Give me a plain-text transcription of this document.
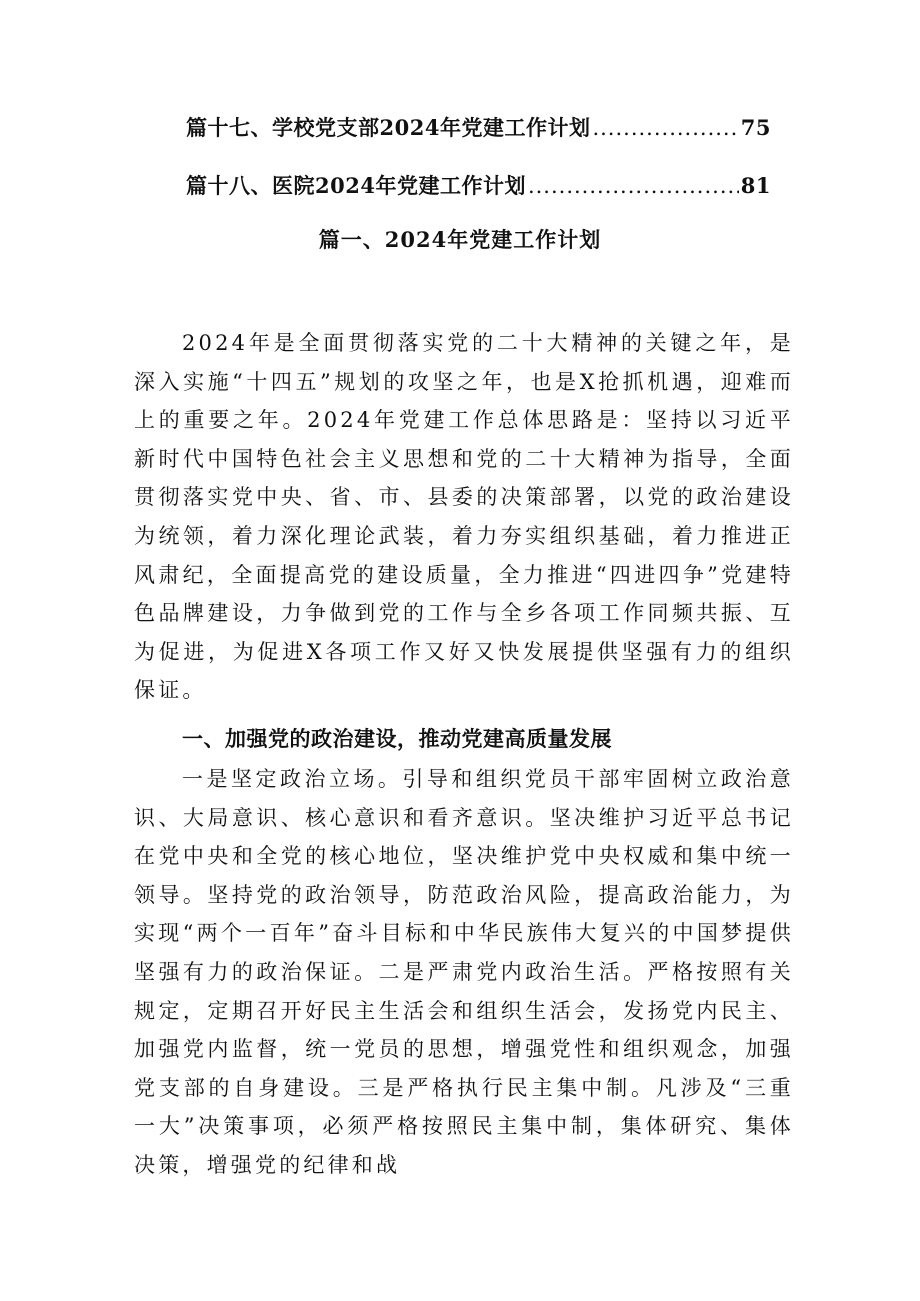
篇十七、学校党支部2024年党建工作计划 .....	75
篇十八、医院2024年党建工作计划 .....	81
篇一、2024年党建工作计划

2024年是全面贯彻落实党的二十大精神的关键之年，是深入实施“十四五”规划的攻坚之年，也是X抢抓机遇，迎难而上的重要之年。2024年党建工作总体思路是：坚持以习近平新时代中国特色社会主义思想和党的二十大精神为指导，全面贯彻落实党中央、省、市、县委的决策部署，以党的政治建设为统领，着力深化理论武装，着力夯实组织基础，着力推进正风肃纪，全面提高党的建设质量，全力推进“四进四争”党建特色品牌建设，力争做到党的工作与全乡各项工作同频共振、互为促进，为促进X各项工作又好又快发展提供坚强有力的组织保证。

一、加强党的政治建设，推动党建高质量发展

一是坚定政治立场。引导和组织党员干部牢固树立政治意识、大局意识、核心意识和看齐意识。坚决维护习近平总书记在党中央和全党的核心地位，坚决维护党中央权威和集中统一领导。坚持党的政治领导，防范政治风险，提高政治能力，为实现“两个一百年”奋斗目标和中华民族伟大复兴的中国梦提供坚强有力的政治保证。二是严肃党内政治生活。严格按照有关规定，定期召开好民主生活会和组织生活会，发扬党内民主、加强党内监督，统一党员的思想，增强党性和组织观念，加强党支部的自身建设。三是严格执行民主集中制。凡涉及“三重一大”决策事项，必须严格按照民主集中制，集体研究、集体决策，增强党的纪律和战
